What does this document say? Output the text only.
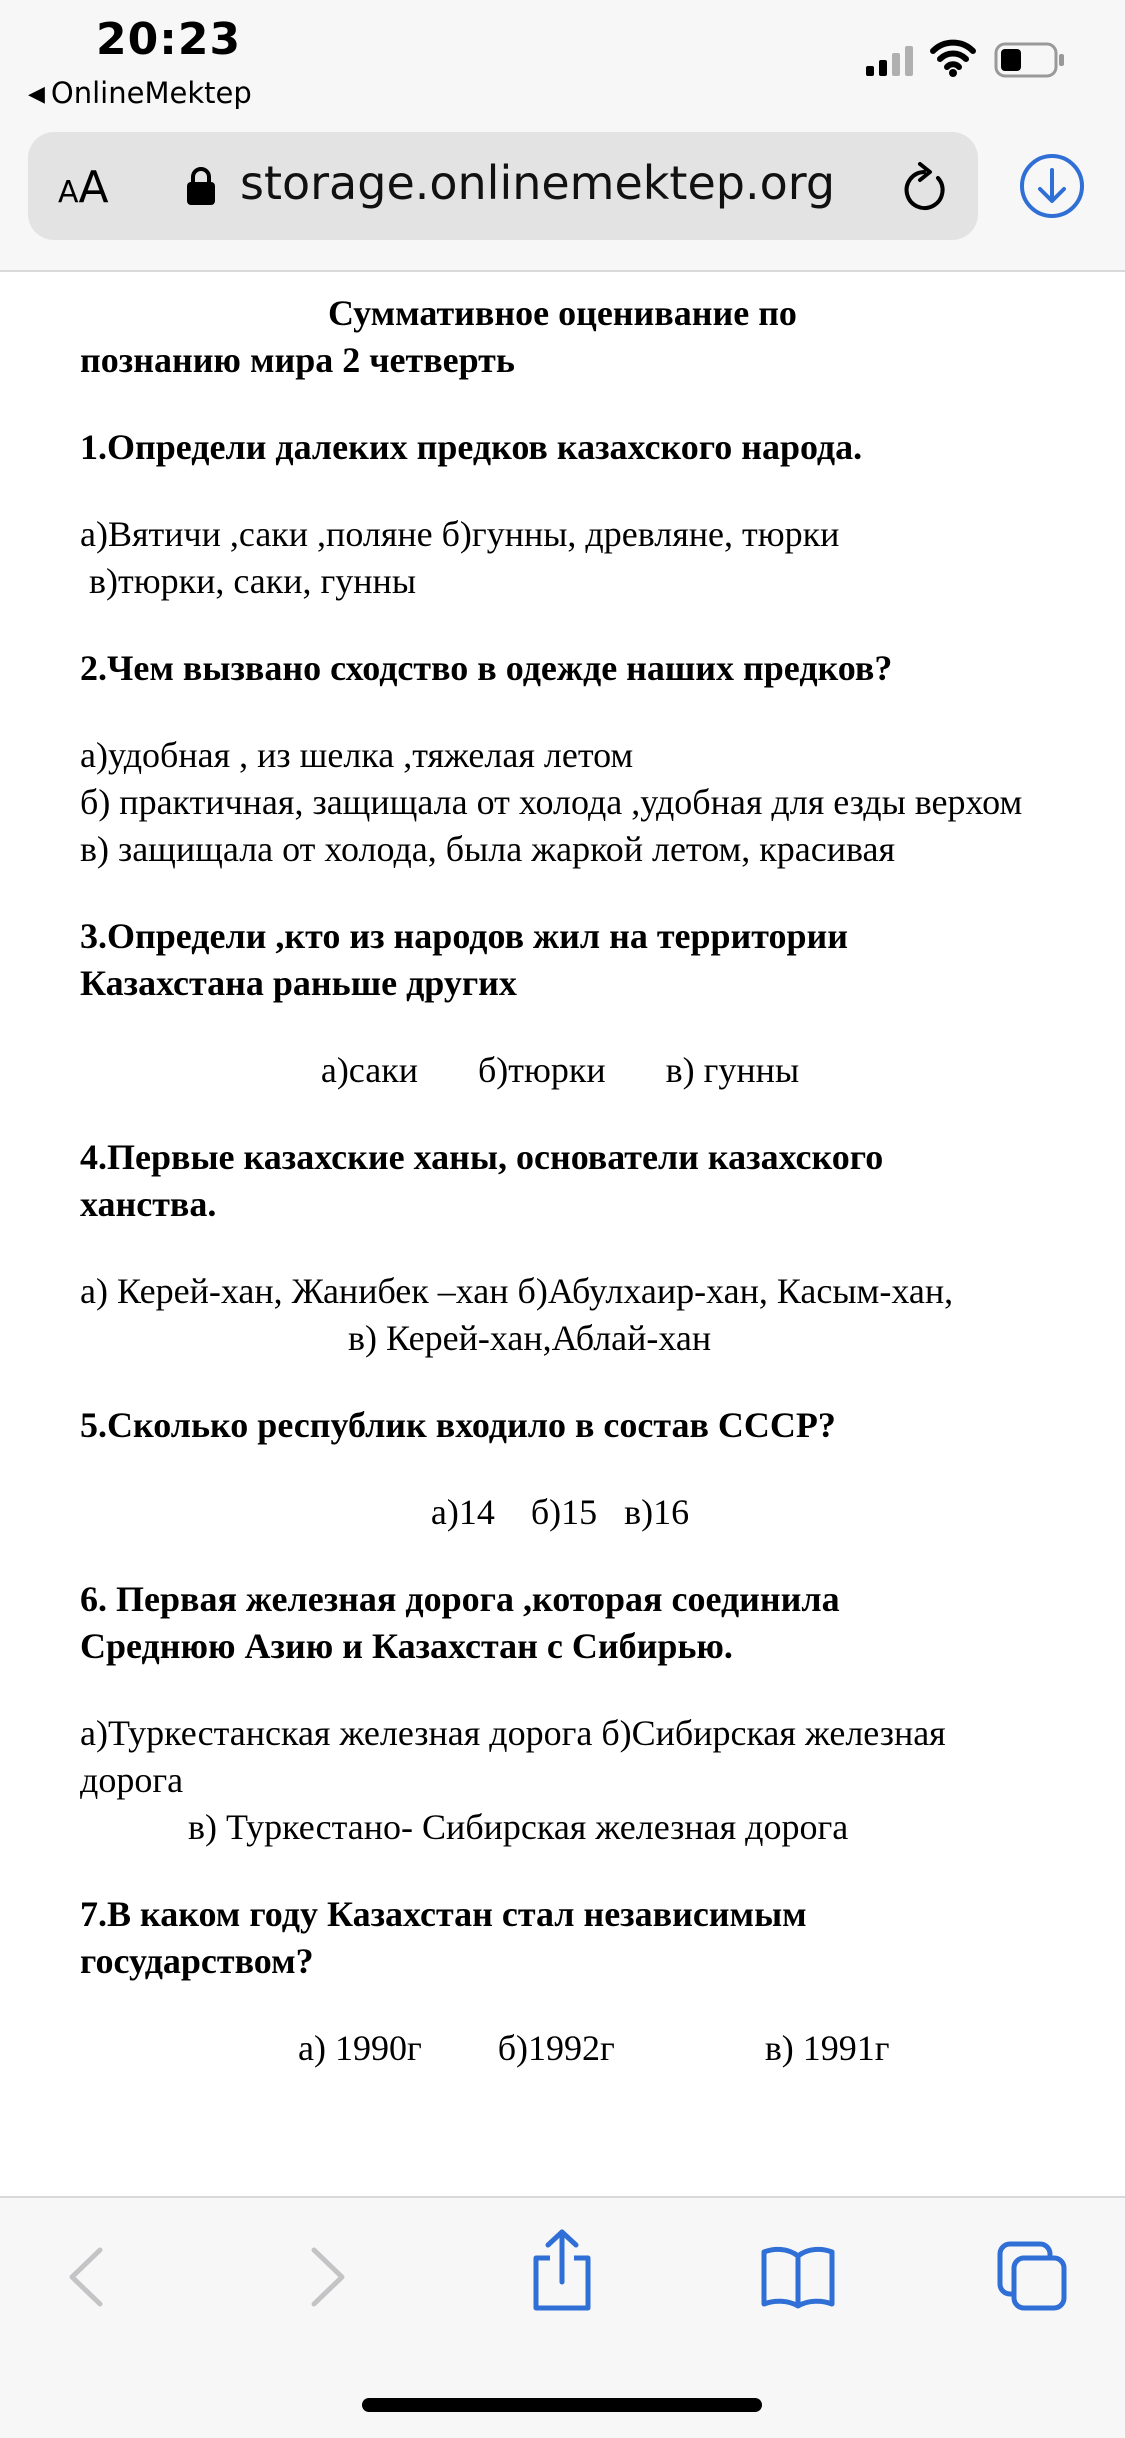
20:23
◀ OnlineMektep
AA	storage.onlinemektep.org

Суммативное оценивание по
познанию мира 2 четверть

1.Определи далеких предков казахского народа.

а)Вятичи ,саки ,поляне б)гунны, древляне, тюрки
в)тюрки, саки, гунны

2.Чем вызвано сходство в одежде наших предков?

а)удобная , из шелка ,тяжелая летом
б) практичная, защищала от холода ,удобная для езды верхом
в) защищала от холода, была жаркой летом, красивая

3.Определи ,кто из народов жил на территории
Казахстана раньше других

а)саки б)тюрки в) гунны

4.Первые казахские ханы, основатели казахского
ханства.

а) Керей-хан, Жанибек –хан б)Абулхаир-хан, Касым-хан,
в) Керей-хан,Аблай-хан

5.Сколько республик входило в состав СССР?

а)14    б)15   в)16

6. Первая железная дорога ,которая соединила
Среднюю Азию и Казахстан с Сибирью.

а)Туркестанская железная дорога б)Сибирская железная дорога
в) Туркестано- Сибирская железная дорога

7.В каком году Казахстан стал независимым
государством?

а) 1990г б)1992г	в) 1991г
